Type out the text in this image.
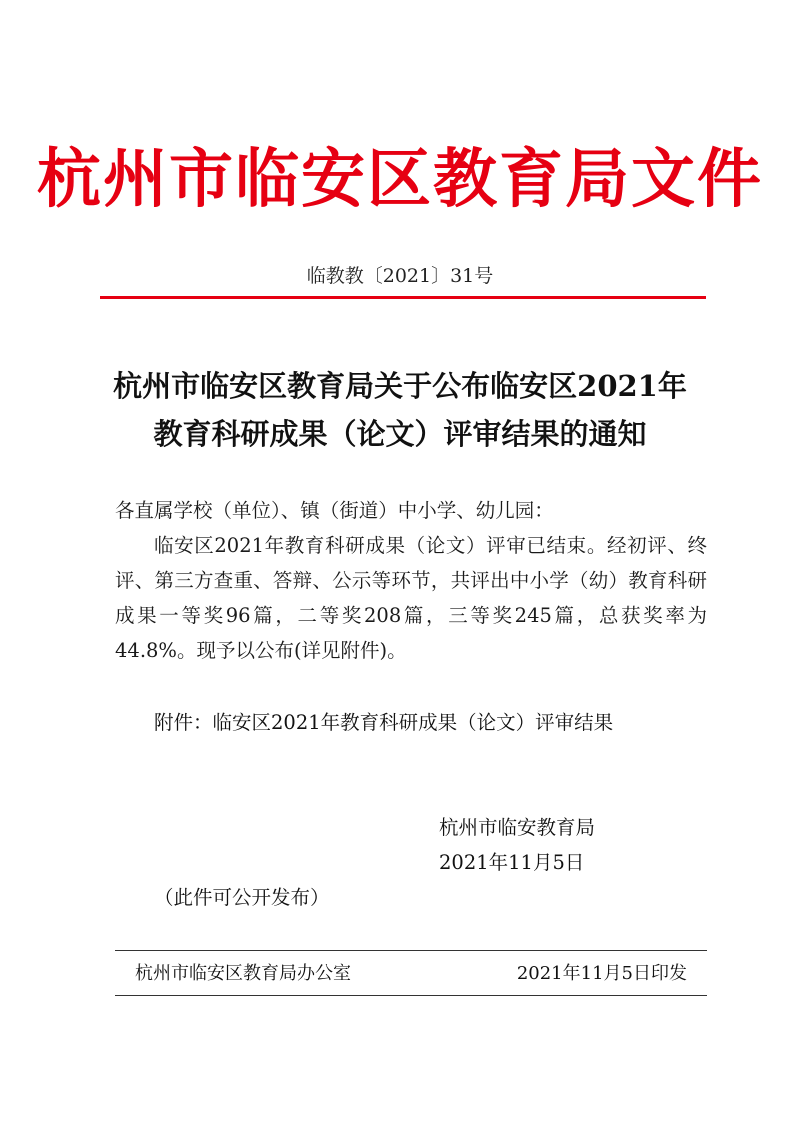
杭州市临安区教育局文件
临教教〔2021〕31号
杭州市临安区教育局关于公布临安区2021年
教育科研成果（论文）评审结果的通知

各直属学校（单位）、镇（街道）中小学、幼儿园：

临安区2021年教育科研成果（论文）评审已结束。经初评、终评、第三方查重、答辩、公示等环节，共评出中小学（幼）教育科研成果一等奖96篇，二等奖208篇，三等奖245篇，总获奖率为44.8%。现予以公布(详见附件)。

附件：临安区2021年教育科研成果（论文）评审结果
杭州市临安教育局
2021年11月5日
（此件可公开发布）
杭州市临安区教育局办公室	2021年11月5日印发
